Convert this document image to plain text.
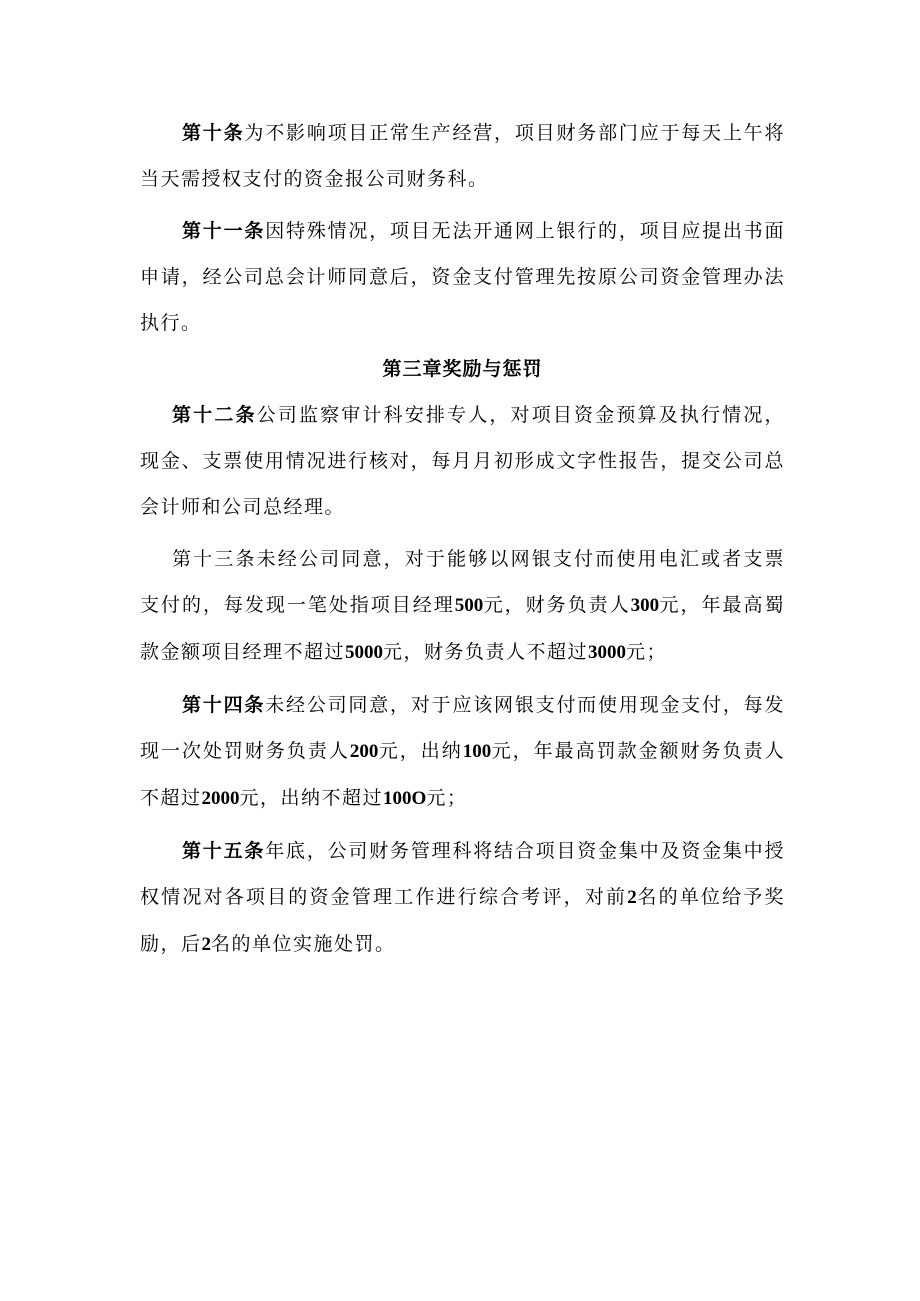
第十条为不影响项目正常生产经营，项目财务部门应于每天上午将当天需授权支付的资金报公司财务科。

第十一条因特殊情况，项目无法开通网上银行的，项目应提出书面申请，经公司总会计师同意后，资金支付管理先按原公司资金管理办法执行。

第三章奖励与惩罚

第十二条公司监察审计科安排专人，对项目资金预算及执行情况，现金、支票使用情况进行核对，每月月初形成文字性报告，提交公司总会计师和公司总经理。

第十三条未经公司同意，对于能够以网银支付而使用电汇或者支票支付的，每发现一笔处指项目经理500元，财务负责人300元，年最高蜀款金额项目经理不超过5000元，财务负责人不超过3000元；

第十四条未经公司同意，对于应该网银支付而使用现金支付，每发现一次处罚财务负责人200元，出纳100元，年最高罚款金额财务负责人不超过2000元，出纳不超过100O元；

第十五条年底，公司财务管理科将结合项目资金集中及资金集中授权情况对各项目的资金管理工作进行综合考评，对前2名的单位给予奖励，后2名的单位实施处罚。
